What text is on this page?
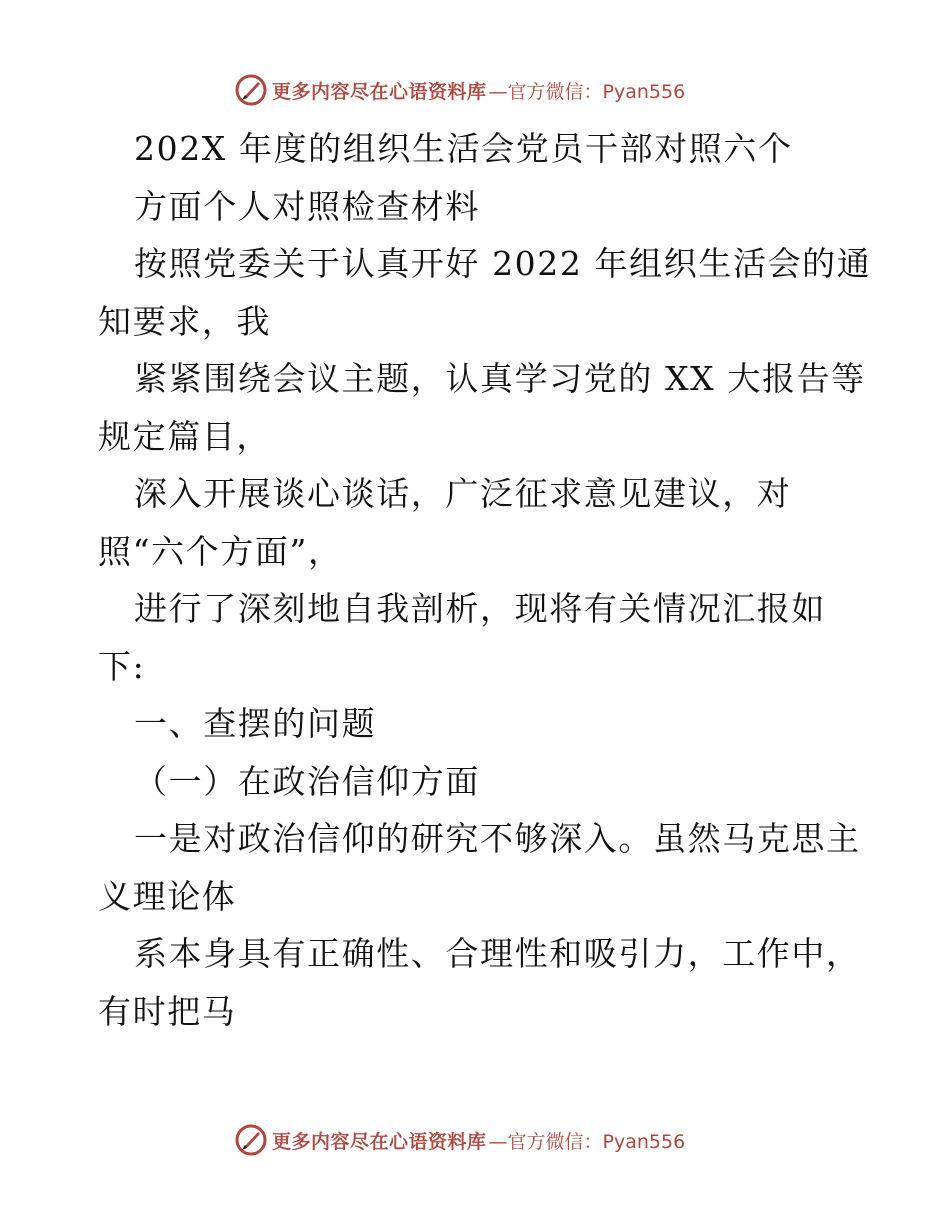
更多内容尽在心语资料库 —官方微信：Pyan556
202X 年度的组织生活会党员干部对照六个
方面个人对照检查材料
按照党委关于认真开好 2022 年组织生活会的通
知要求，我
紧紧围绕会议主题，认真学习党的 XX 大报告等
规定篇目，
深入开展谈心谈话，广泛征求意见建议，对
照“六个方面”，
进行了深刻地自我剖析，现将有关情况汇报如
下:
一、查摆的问题
（一）在政治信仰方面
一是对政治信仰的研究不够深入。虽然马克思主
义理论体
系本身具有正确性、合理性和吸引力，工作中，
有时把马
更多内容尽在心语资料库 —官方微信：Pyan556
